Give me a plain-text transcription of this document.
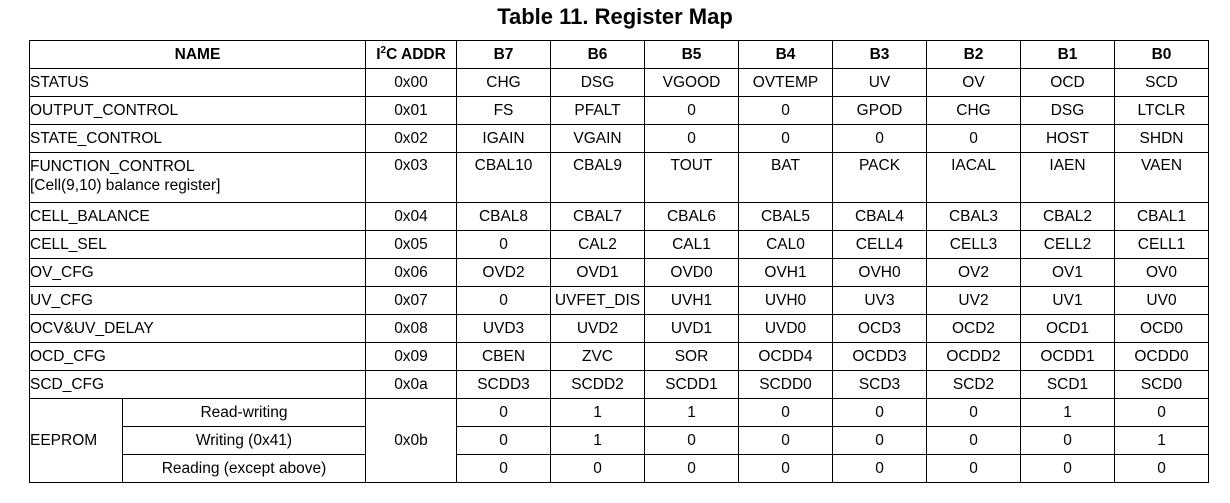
Table 11. Register Map
NAME		$I^2C$ ADDR	B7	B6	B5	B4	B3	B2	B1	B0

STATUS		0x00	CHG	DSG	VGOOD	OVTEMP	UV	OV	OCD	SCD

OUTPUT_CONTROL		0x01	FS	PFALT	0	0	GPOD	CHG	DSG	LTCLR

STATE_CONTROL		0x02	IGAIN	VGAIN	0	0	0	0	HOST	SHDN

FUNCTION_CONTROL
[Cell(9,10) balance register]		0x03	CBAL10	CBAL9	TOUT	BAT	PACK	IACAL	IAEN	VAEN

CELL_BALANCE		0x04	CBAL8	CBAL7	CBAL6	CBAL5	CBAL4	CBAL3	CBAL2	CBAL1

CELL_SEL		0x05	0	CAL2	CAL1	CAL0	CELL4	CELL3	CELL2	CELL1

OV_CFG		0x06	OVD2	OVD1	OVD0	OVH1	OVH0	OV2	OV1	OV0

UV_CFG		0x07	0	UVFET_DIS	UVH1	UVH0	UV3	UV2	UV1	UV0

OCV&UV_DELAY		0x08	UVD3	UVD2	UVD1	UVD0	OCD3	OCD2	OCD1	OCD0

OCD_CFG		0x09	CBEN	ZVC	SOR	OCDD4	OCDD3	OCDD2	OCDD1	OCDD0

SCD_CFG		0x0a	SCDD3	SCDD2	SCDD1	SCDD0	SCD3	SCD2	SCD1	SCD0
EEPROM	Read-writing	0x0b	0	1	1	0	0	0	1	0
	Writing (0x41)		0	1	0	0	0	0	0	1
	Reading (except above)		0	0	0	0	0	0	0	0
